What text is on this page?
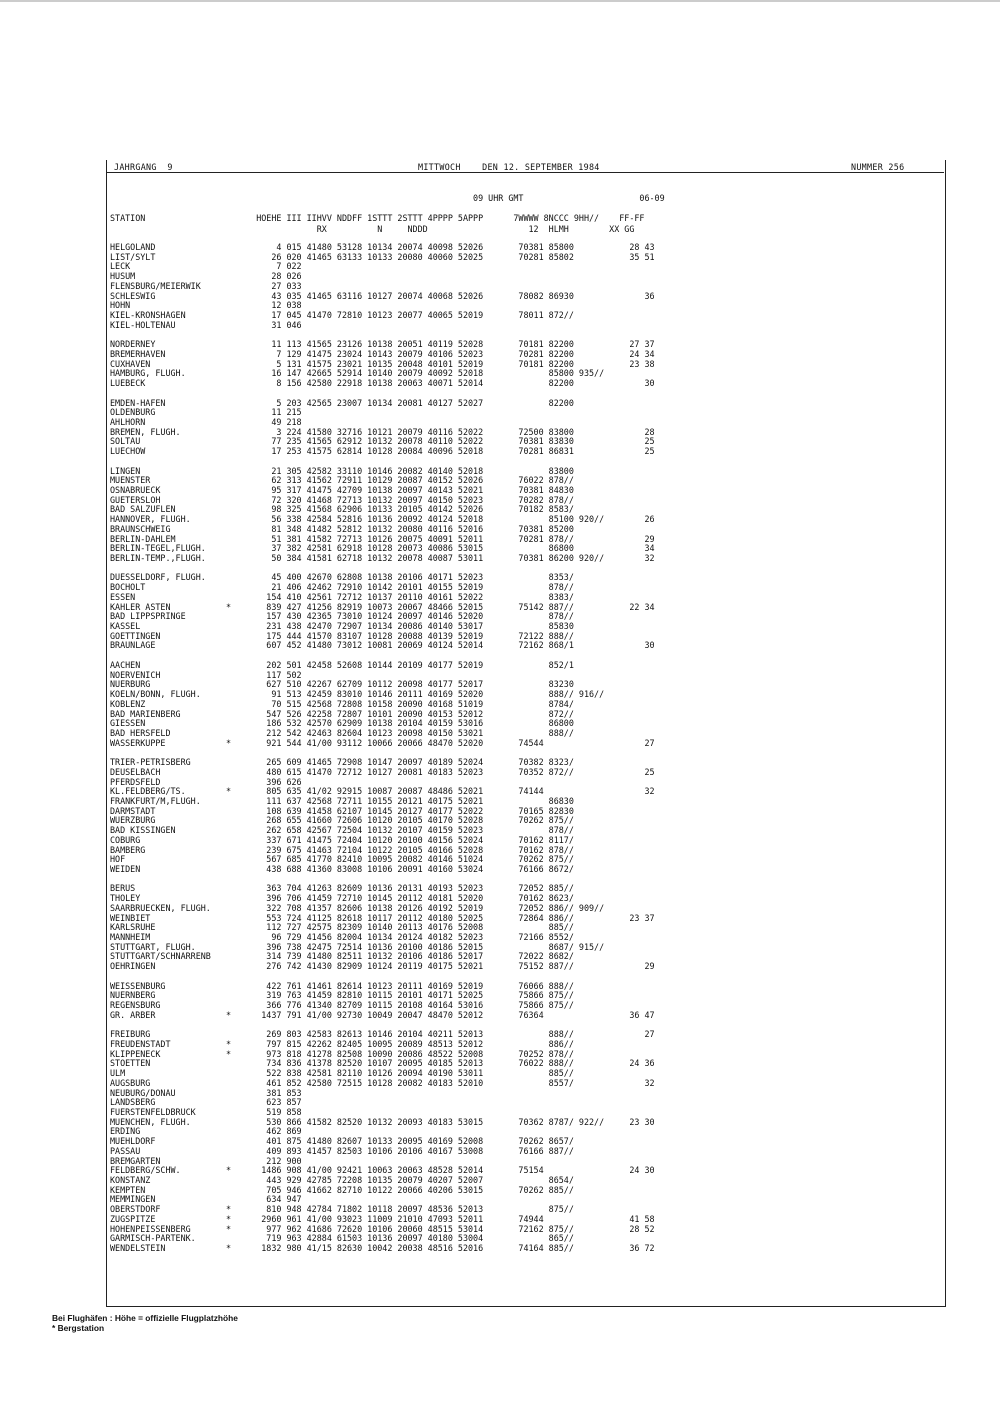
JAHRGANG  9	MITTWOCH    DEN 12. SEPTEMBER 1984	NUMMER 256
09 UHR GMT                       06-09
STATION                      HOEHE III IIHVV NDDFF 1STTT 2STTT 4PPPP 5APPP      7WWWW 8NCCC 9HH//    FF-FF
RX          N     NDDD                    12  HLMH        XX GG
HELGOLAND                        4 015 41480 53128 10134 20074 40098 52026       70381 85800           28 43
LIST/SYLT                       26 020 41465 63133 10133 20080 40060 52025       70281 85802           35 51
LECK                             7 022
HUSUM                           28 026
FLENSBURG/MEIERWIK              27 033
SCHLESWIG                       43 035 41465 63116 10127 20074 40068 52026       78082 86930              36
HOHN                            12 038
KIEL-KRONSHAGEN                 17 045 41470 72810 10123 20077 40065 52019       78011 872//
KIEL-HOLTENAU                   31 046

NORDERNEY                       11 113 41565 23126 10138 20051 40119 52028       70181 82200           27 37
BREMERHAVEN                      7 129 41475 23024 10143 20079 40106 52023       70281 82200           24 34
CUXHAVEN                         5 131 41575 23021 10135 20048 40101 52019       70181 82200           23 38
HAMBURG, FLUGH.                 16 147 42665 52914 10140 20079 40092 52018             85800 935//
LUEBECK                          8 156 42580 22918 10138 20063 40071 52014             82200              30

EMDEN-HAFEN                      5 203 42565 23007 10134 20081 40127 52027             82200
OLDENBURG                       11 215
AHLHORN                         49 218
BREMEN, FLUGH.                   3 224 41580 32716 10121 20079 40116 52022       72500 83800              28
SOLTAU                          77 235 41565 62912 10132 20078 40110 52022       70381 83830              25
LUECHOW                         17 253 41575 62814 10128 20084 40096 52018       70281 86831              25

LINGEN                          21 305 42582 33110 10146 20082 40140 52018             83800
MUENSTER                        62 313 41562 72911 10129 20087 40152 52026       76022 878//
OSNABRUECK                      95 317 41475 42709 10138 20097 40143 52021       70381 84830
GUETERSLOH                      72 320 41468 72713 10132 20097 40150 52023       70282 878//
BAD SALZUFLEN                   98 325 41568 62906 10133 20105 40142 52026       70182 8583/
HANNOVER, FLUGH.                56 338 42584 52816 10136 20092 40124 52018             85100 920//        26
BRAUNSCHWEIG                    81 348 41482 52812 10132 20080 40116 52016       70381 85200
BERLIN-DAHLEM                   51 381 41582 72713 10126 20075 40091 52011       70281 878//              29
BERLIN-TEGEL,FLUGH.             37 382 42581 62918 10128 20073 40086 53015             86800              34
BERLIN-TEMP.,FLUGH.             50 384 41581 62718 10132 20078 40087 53011       70381 86200 920//        32

DUESSELDORF, FLUGH.             45 400 42670 62808 10138 20106 40171 52023             8353/
BOCHOLT                         21 406 42462 72910 10142 20101 40155 52019             878//
ESSEN                          154 410 42561 72712 10137 20110 40161 52022             8383/
KAHLER ASTEN           *       839 427 41256 82919 10073 20067 48466 52015       75142 887//           22 34
BAD LIPPSPRINGE                157 430 42365 73010 10124 20097 40146 52020             878//
KASSEL                         231 438 42470 72907 10134 20086 40140 53017             85830
GOETTINGEN                     175 444 41570 83107 10128 20088 40139 52019       72122 888//
BRAUNLAGE                      607 452 41480 73012 10081 20069 40124 52014       72162 868/1              30

AACHEN                         202 501 42458 52608 10144 20109 40177 52019             852/1
NOERVENICH                     117 502
NUERBURG                       627 510 42267 62709 10112 20098 40177 52017             83230
KOELN/BONN, FLUGH.              91 513 42459 83010 10146 20111 40169 52020             888// 916//
KOBLENZ                         70 515 42568 72808 10158 20090 40168 51019             8784/
BAD MARIENBERG                 547 526 42258 72807 10101 20090 40153 52012             872//
GIESSEN                        186 532 42570 62909 10138 20104 40159 53016             86800
BAD HERSFELD                   212 542 42463 82604 10123 20098 40150 53021             888//
WASSERKUPPE            *       921 544 41/00 93112 10066 20066 48470 52020       74544                    27

TRIER-PETRISBERG               265 609 41465 72908 10147 20097 40189 52024       70382 8323/
DEUSELBACH                     480 615 41470 72712 10127 20081 40183 52023       70352 872//              25
PFERDSFELD                     396 626
KL.FELDBERG/TS.        *       805 635 41/02 92915 10087 20087 48486 52021       74144                    32
FRANKFURT/M,FLUGH.             111 637 42568 72711 10155 20121 40175 52021             86830
DARMSTADT                      108 639 41458 62107 10145 20127 40177 52022       70165 82830
WUERZBURG                      268 655 41660 72606 10120 20105 40170 52028       70262 875//
BAD KISSINGEN                  262 658 42567 72504 10132 20107 40159 52023             878//
COBURG                         337 671 41475 72404 10120 20100 40156 52024       70162 8117/
BAMBERG                        239 675 41463 72104 10122 20105 40166 52028       70162 878//
HOF                            567 685 41770 82410 10095 20082 40146 51024       70262 875//
WEIDEN                         438 688 41360 83008 10106 20091 40160 53024       76166 8672/

BERUS                          363 704 41263 82609 10136 20131 40193 52023       72052 885//
THOLEY                         396 706 41459 72710 10145 20112 40181 52020       70162 8623/
SAARBRUECKEN, FLUGH.           322 708 41357 82606 10138 20126 40192 52019       72052 886// 909//
WEINBIET                       553 724 41125 82618 10117 20112 40180 52025       72864 886//           23 37
KARLSRUHE                      112 727 42575 82309 10140 20113 40176 52008             885//
MANNHEIM                        96 729 41456 82004 10134 20124 40182 52023       72166 8552/
STUTTGART, FLUGH.              396 738 42475 72514 10136 20100 40186 52015             8687/ 915//
STUTTGART/SCHNARRENB           314 739 41480 82511 10132 20106 40186 52017       72022 8682/
OEHRINGEN                      276 742 41430 82909 10124 20119 40175 52021       75152 887//              29

WEISSENBURG                    422 761 41461 82614 10123 20111 40169 52019       76066 888//
NUERNBERG                      319 763 41459 82810 10115 20101 40171 52025       75866 875//
REGENSBURG                     366 776 41340 82709 10115 20108 40164 53016       75866 875//
GR. ARBER              *      1437 791 41/00 92730 10049 20047 48470 52012       76364                 36 47

FREIBURG                       269 803 42583 82613 10146 20104 40211 52013             888//              27
FREUDENSTADT           *       797 815 42262 82405 10095 20089 48513 52012             886//
KLIPPENECK             *       973 818 41278 82508 10090 20086 48522 52008       70252 878//
STOETTEN                       734 836 41378 82520 10107 20095 40185 52013       76022 888//           24 36
ULM                            522 838 42581 82110 10126 20094 40190 53011             885//
AUGSBURG                       461 852 42580 72515 10128 20082 40183 52010             8557/              32
NEUBURG/DONAU                  381 853
LANDSBERG                      623 857
FUERSTENFELDBRUCK              519 858
MUENCHEN, FLUGH.               530 866 41582 82520 10132 20093 40183 53015       70362 8787/ 922//     23 30
ERDING                         462 869
MUEHLDORF                      401 875 41480 82607 10133 20095 40169 52008       70262 8657/
PASSAU                         409 893 41457 82503 10106 20106 40167 53008       76166 887//
BREMGARTEN                     212 900
FELDBERG/SCHW.         *      1486 908 41/00 92421 10063 20063 48528 52014       75154                 24 30
KONSTANZ                       443 929 42785 72208 10135 20079 40207 52007             8654/
KEMPTEN                        705 946 41662 82710 10122 20066 40206 53015       70262 885//
MEMMINGEN                      634 947
OBERSTDORF             *       810 948 42784 71802 10118 20097 48536 52013             875//
ZUGSPITZE              *      2960 961 41/00 93023 11009 21010 47093 52011       74944                 41 58
HOHENPEISSENBERG       *       977 962 41686 72620 10106 20060 48515 53014       72162 875//           28 52
GARMISCH-PARTENK.              719 963 42884 61503 10136 20097 40180 53004             865//
WENDELSTEIN            *      1832 980 41/15 82630 10042 20038 48516 52016       74164 885//           36 72
Bei Flughäfen : Höhe = offizielle Flugplatzhöhe
* Bergstation
